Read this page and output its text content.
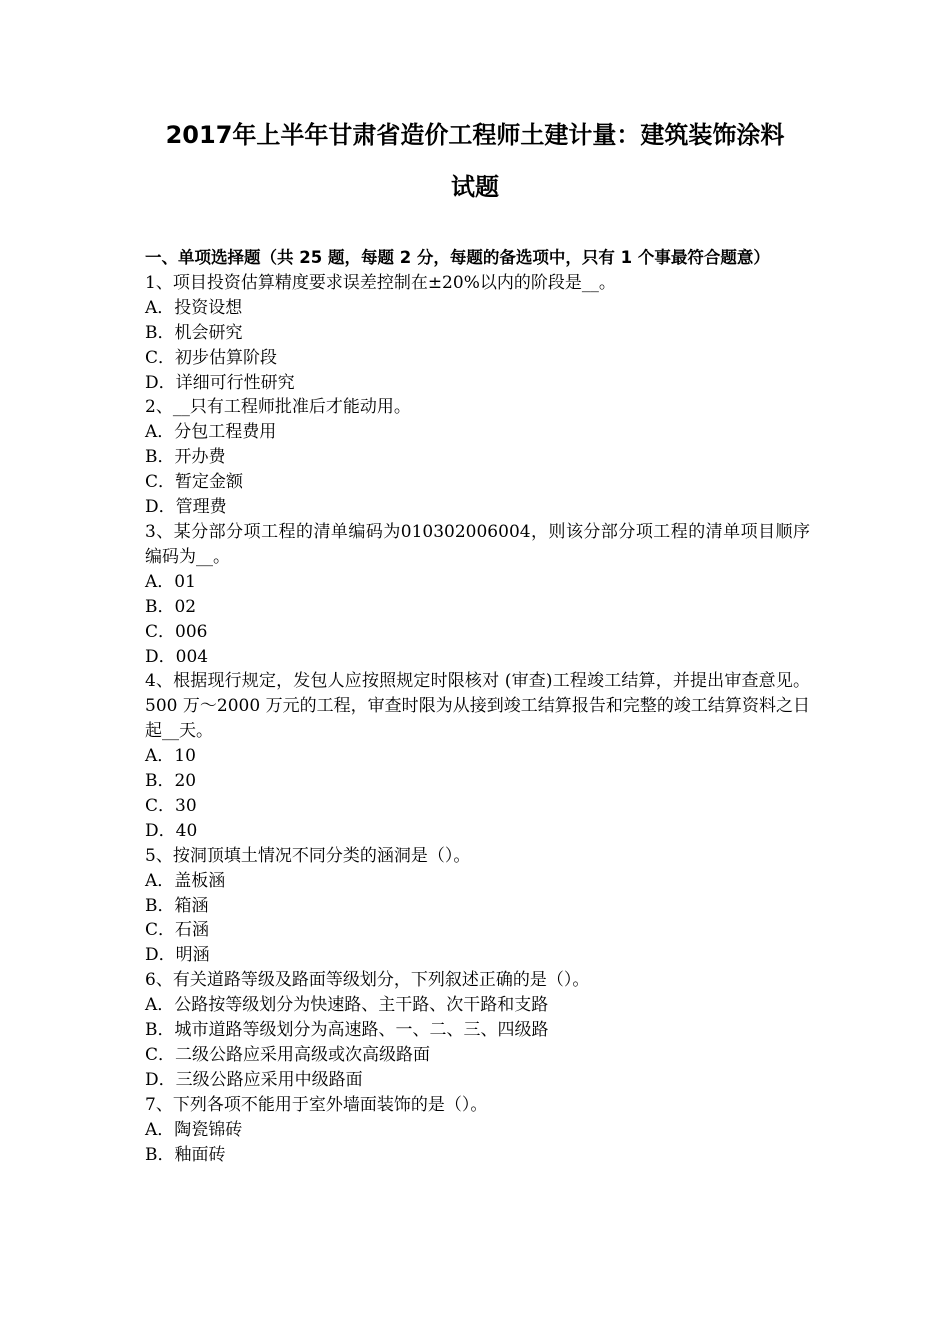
2017年上半年甘肃省造价工程师土建计量：建筑装饰涂料
试题

一、单项选择题（共 25 题，每题 2 分，每题的备选项中，只有 1 个事最符合题意）

1、项目投资估算精度要求误差控制在±20%以内的阶段是__。

A．投资设想

B．机会研究

C．初步估算阶段

D．详细可行性研究

2、__只有工程师批准后才能动用。

A．分包工程费用

B．开办费

C．暂定金额

D．管理费

3、某分部分项工程的清单编码为010302006004，则该分部分项工程的清单项目顺序编码为__。

A．01

B．02

C．006

D．004

4、根据现行规定，发包人应按照规定时限核对 (审查)工程竣工结算，并提出审查意见。500 万～2000 万元的工程，审查时限为从接到竣工结算报告和完整的竣工结算资料之日起__天。

A．10

B．20

C．30

D．40

5、按洞顶填土情况不同分类的涵洞是（）。

A．盖板涵

B．箱涵

C．石涵

D．明涵

6、有关道路等级及路面等级划分，下列叙述正确的是（）。

A．公路按等级划分为快速路、主干路、次干路和支路

B．城市道路等级划分为高速路、一、二、三、四级路

C．二级公路应采用高级或次高级路面

D．三级公路应采用中级路面

7、下列各项不能用于室外墙面装饰的是（）。

A．陶瓷锦砖

B．釉面砖
